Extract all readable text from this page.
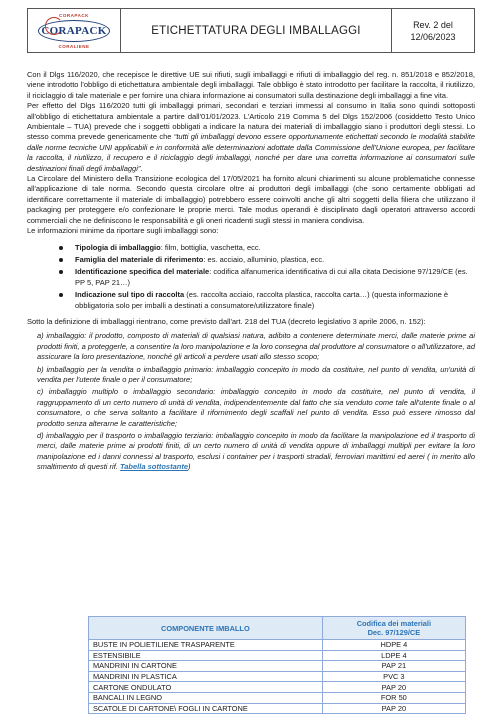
CORAPACK
CORAPACK
CORALIENE
ETICHETTATURA DEGLI IMBALLAGGI	Rev. 2 del
12/06/2023

Con il Dlgs 116/2020, che recepisce le direttive UE sui rifiuti, sugli imballaggi e rifiuti di imballaggio del reg. n. 851/2018 e 852/2018, viene introdotto l'obbligo di etichettatura ambientale degli imballaggi. Tale obbligo è stato introdotto per facilitare la raccolta, il riutilizzo, il riciclaggio di tale materiale e per fornire una chiara informazione ai consumatori sulla destinazione degli imballaggi a fine vita.

Per effetto del Dlgs 116/2020 tutti gli imballaggi primari, secondari e terziari immessi al consumo in Italia sono quindi sottoposti all'obbligo di etichettatura ambientale a partire dall'01/01/2023. L'Articolo 219 Comma 5 del Dlgs 152/2006 (cosiddetto Testo Unico Ambientale – TUA) prevede che i soggetti obbligati a indicare la natura dei materiali di imballaggio siano i produttori degli stessi. Lo stesso comma prevede genericamente che “tutti gli imballaggi devono essere opportunamente etichettati secondo le modalità stabilite dalle norme tecniche UNI applicabili e in conformità alle determinazioni adottate dalla Commissione dell'Unione europea, per facilitare la raccolta, il riutilizzo, il recupero e il riciclaggio degli imballaggi, nonché per dare una corretta informazione ai consumatori sulle destinazioni finali degli imballaggi”.

La Circolare del Ministero della Transizione ecologica del 17/05/2021 ha fornito alcuni chiarimenti su alcune problematiche connesse all'applicazione di tale norma. Secondo questa circolare oltre ai produttori degli imballaggi (che sono certamente obbligati ad identificare correttamente il materiale di imballaggio) potrebbero essere coinvolti anche gli altri soggetti della filiera che utilizzano il packaging per proteggere e/o confezionare le proprie merci. Tale modus operandi è disciplinato dagli operatori attraverso accordi commerciali che ne definiscono le responsabilità e gli oneri ricadenti sugli stessi in maniera condivisa.

Le informazioni minime da riportare sugli imballaggi sono:

Tipologia di imballaggio: film, bottiglia, vaschetta, ecc.
Famiglia del materiale di riferimento: es. acciaio, alluminio, plastica, ecc.
Identificazione specifica del materiale: codifica alfanumerica identificativa di cui alla citata Decisione 97/129/CE (es. PP 5, PAP 21…)
Indicazione sul tipo di raccolta (es. raccolta acciaio, raccolta plastica, raccolta carta…) (questa informazione è obbligatoria solo per imballi a destinati a consumatore/utilizzatore finale)

Sotto la definizione di imballaggi rientrano, come previsto dall'art. 218 del TUA (decreto legislativo 3 aprile 2006, n. 152):

a) imballaggio: il prodotto, composto di materiali di qualsiasi natura, adibito a contenere determinate merci, dalle materie prime ai prodotti finiti, a proteggerle, a consentire la loro manipolazione e la loro consegna dal produttore al consumatore o all'utilizzatore, ad assicurare la loro presentazione, nonché gli articoli a perdere usati allo stesso scopo;

b) imballaggio per la vendita o imballaggio primario: imballaggio concepito in modo da costituire, nel punto di vendita, un'unità di vendita per l'utente finale o per il consumatore;

c) imballaggio multiplo o imballaggio secondario: imballaggio concepito in modo da costituire, nel punto di vendita, il raggruppamento di un certo numero di unità di vendita, indipendentemente dal fatto che sia venduto come tale all'utente finale o al consumatore, o che serva soltanto a facilitare il rifornimento degli scaffali nel punto di vendita. Esso può essere rimosso dal prodotto senza alterarne le caratteristiche;

d) imballaggio per il trasporto o imballaggio terziario: imballaggio concepito in modo da facilitare la manipolazione ed il trasporto di merci, dalle materie prime ai prodotti finiti, di un certo numero di unità di vendita oppure di imballaggi multipli per evitare la loro manipolazione ed i danni connessi al trasporto, esclusi i container per i trasporti stradali, ferroviari marittimi ed aerei ( in merito allo smaltimento di questi rif. Tabella sottostante)

COMPONENTE IMBALLO	Codifica dei materiali
Dec. 97/129/CE

BUSTE IN POLIETILIENE TRASPARENTE	HDPE 4
ESTENSIBILE	LDPE 4
MANDRINI IN CARTONE	PAP 21
MANDRINI IN PLASTICA	PVC 3
CARTONE ONDULATO	PAP 20
BANCALI IN LEGNO	FOR 50
SCATOLE DI CARTONE\ FOGLI IN CARTONE	PAP 20
